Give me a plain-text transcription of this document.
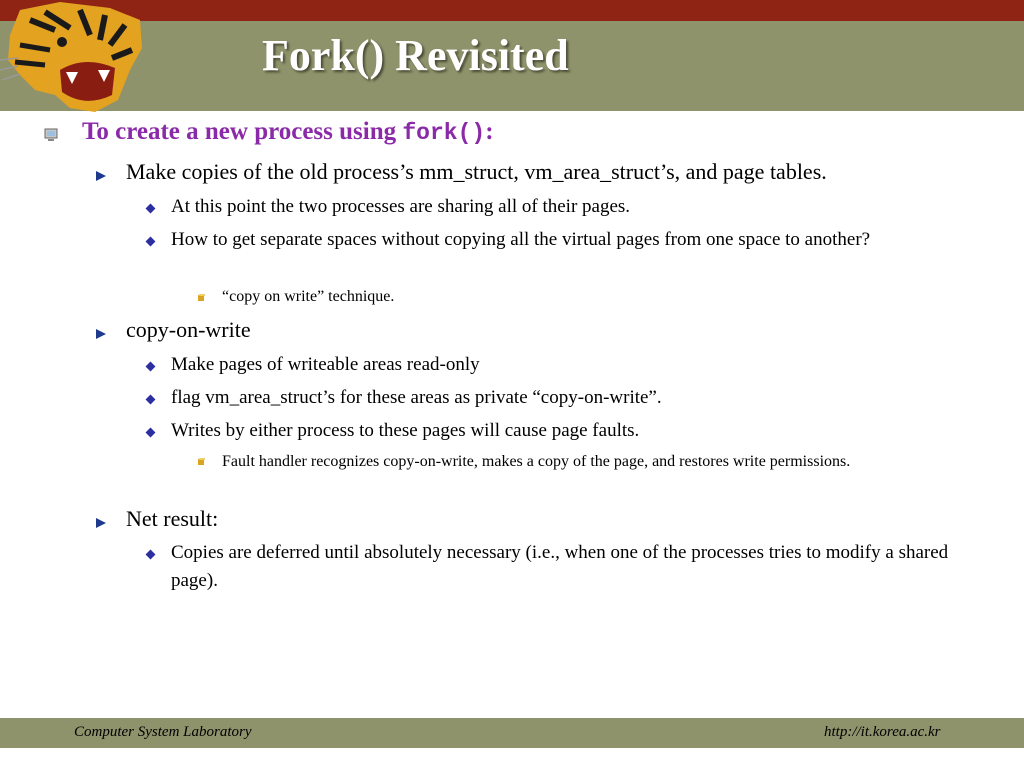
Fork() Revisited
To create a new process using fork():
Make copies of the old process’s mm_struct, vm_area_struct’s, and page tables.
At this point the two processes are sharing all of their pages.
How to get separate spaces without copying all the virtual pages from one space to another?
“copy on write” technique.
copy-on-write
Make pages of writeable areas read-only
flag vm_area_struct’s for these areas as private “copy-on-write”.
Writes by either process to these pages will cause page faults.
Fault handler recognizes copy-on-write, makes a copy of the page, and restores write permissions.
Net result:
Copies are deferred until absolutely necessary (i.e., when one of the processes tries to modify a shared page).
Computer System Laboratory	http://it.korea.ac.kr
